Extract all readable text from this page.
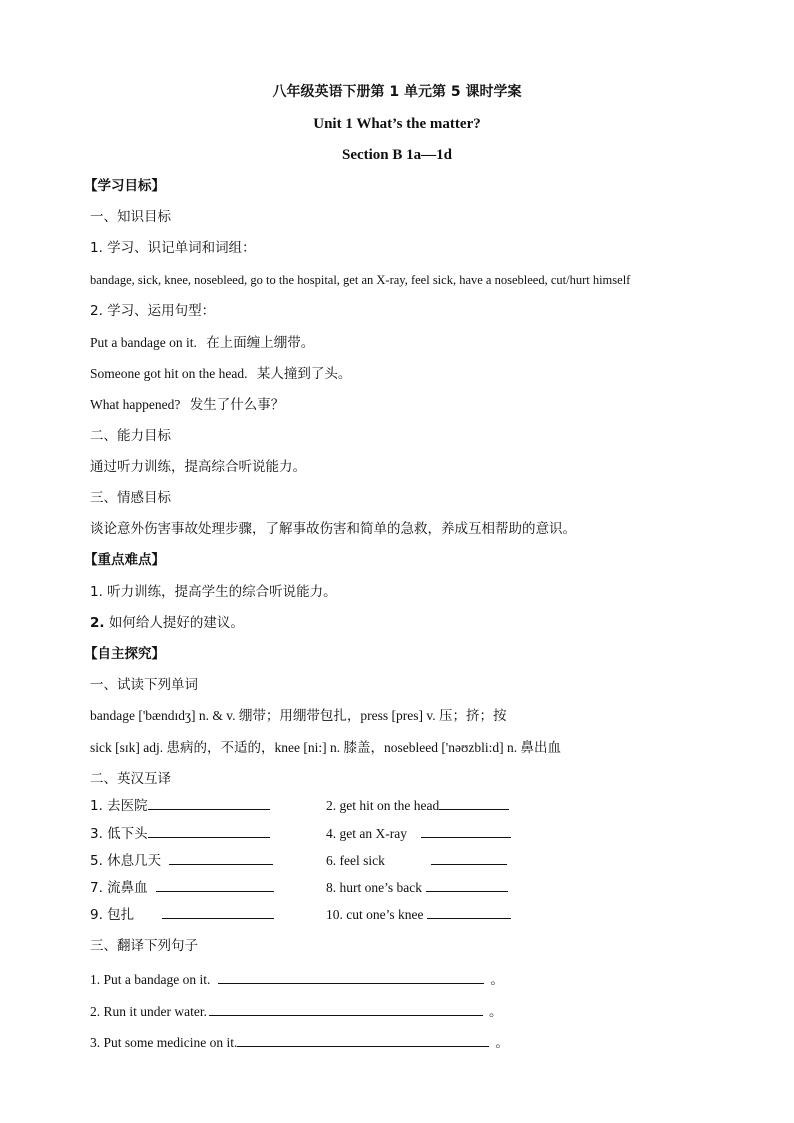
八年级英语下册第 1 单元第 5 课时学案
Unit 1 What’s the matter?
Section B 1a—1d
【学习目标】
一、知识目标
1. 学习、识记单词和词组：
bandage, sick, knee, nosebleed, go to the hospital, get an X-ray, feel sick, have a nosebleed, cut/hurt himself
2. 学习、运用句型：
Put a bandage on it. 在上面缠上绷带。
Someone got hit on the head. 某人撞到了头。
What happened? 发生了什么事？
二、能力目标
通过听力训练，提高综合听说能力。
三、情感目标
谈论意外伤害事故处理步骤，了解事故伤害和简单的急救，养成互相帮助的意识。
【重点难点】
1. 听力训练，提高学生的综合听说能力。
2. 如何给人提好的建议。
【自主探究】
一、试读下列单词
bandage ['bændɪdʒ] n. & v. 绷带；用绷带包扎，press [pres] v. 压；挤；按
sick [sɪk] adj. 患病的，不适的，knee [ni:] n. 膝盖，nosebleed ['nəʊzbli:d] n. 鼻出血
二、英汉互译
1. 去医院	2. get hit on the head
3. 低下头	4. get an X-ray
5. 休息几天	6. feel sick
7. 流鼻血	8. hurt one’s back
9. 包扎	10. cut one’s knee
三、翻译下列句子
1. Put a bandage on it.	。
2. Run it under water.	。
3. Put some medicine on it.	。
